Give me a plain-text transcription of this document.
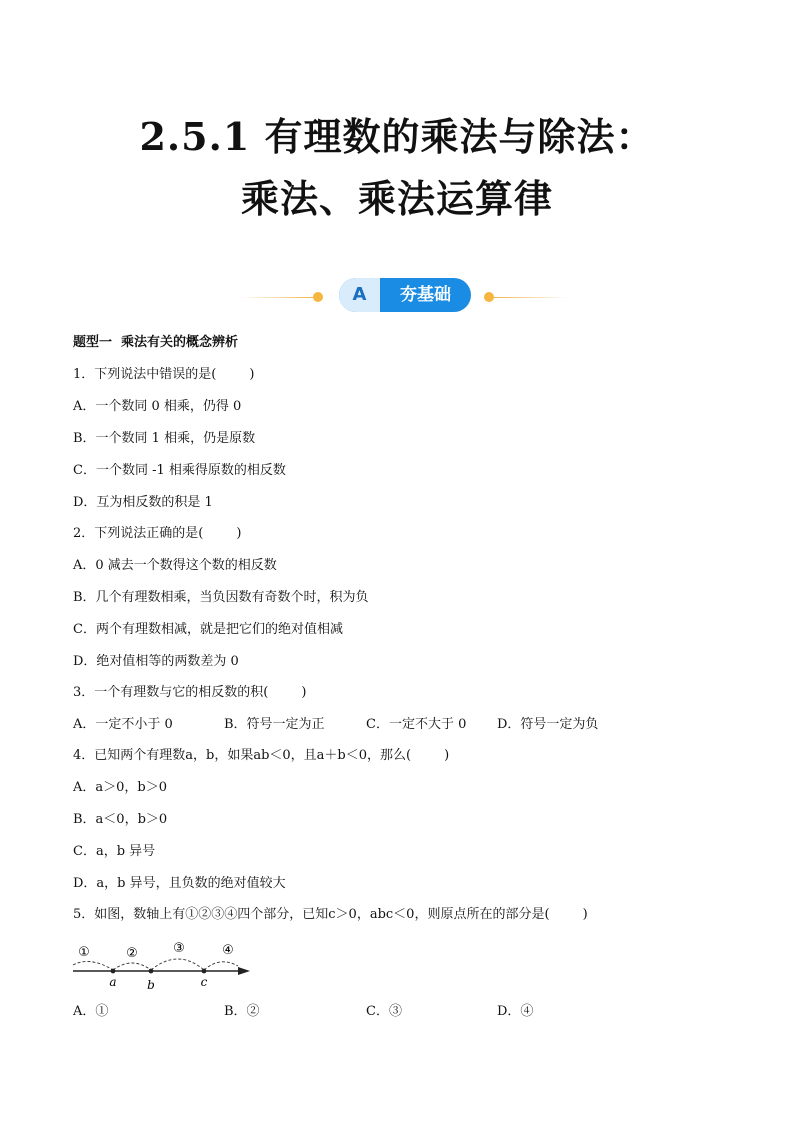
2.5.1 有理数的乘法与除法：
乘法、乘法运算律
A	夯基础
题型一  乘法有关的概念辨析
1．下列说法中错误的是(        )
A．一个数同 0 相乘，仍得 0
B．一个数同 1 相乘，仍是原数
C．一个数同 -1 相乘得原数的相反数
D．互为相反数的积是 1
2．下列说法正确的是(        )
A．0 减去一个数得这个数的相反数
B．几个有理数相乘，当负因数有奇数个时，积为负
C．两个有理数相减，就是把它们的绝对值相减
D．绝对值相等的两数差为 0
3．一个有理数与它的相反数的积(        )
A．一定不小于 0	B．符号一定为正	C．一定不大于 0 D．符号一定为负
4．已知两个有理数a，b，如果ab＜0，且a＋b＜0，那么(        )
A．a＞0，b＞0
B．a＜0，b＞0
C．a，b 异号
D．a，b 异号，且负数的绝对值较大
5．如图，数轴上有①②③④四个部分，已知c＞0，abc＜0，则原点所在的部分是(        )
①	②	③	④
a	b	c
A．①	B．②	C．③	D．④
